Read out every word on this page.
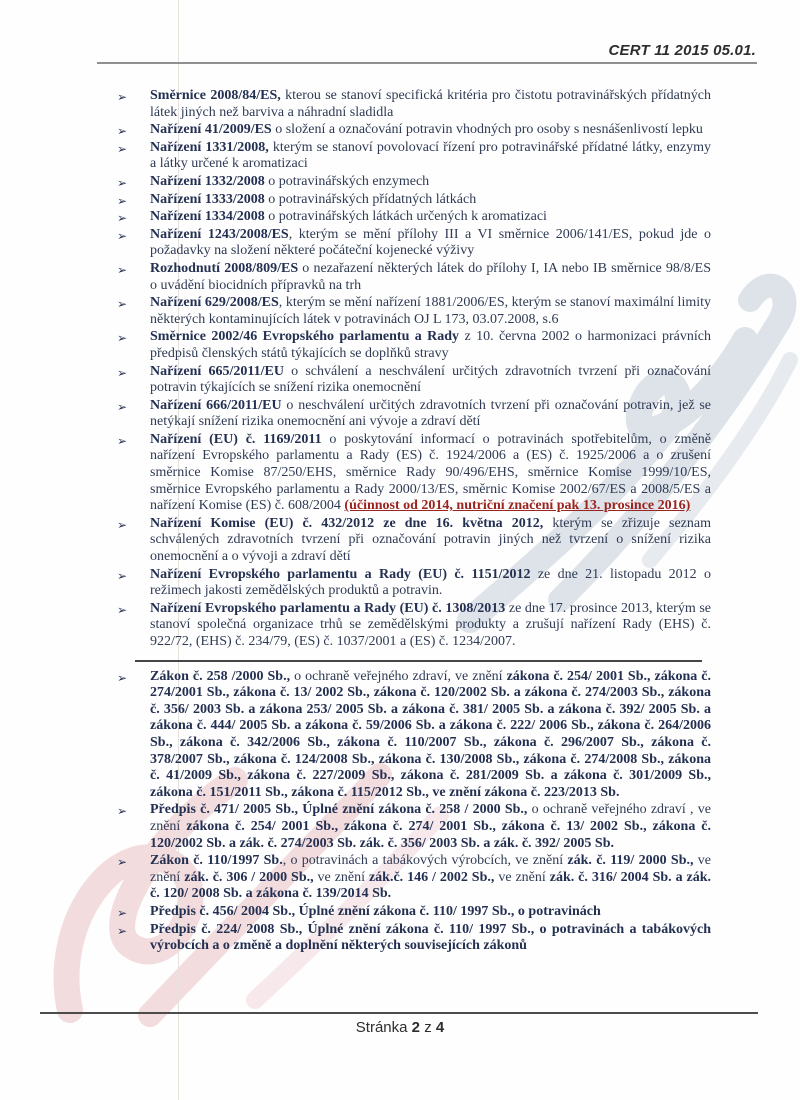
CERT 11 2015 05.01.
➢ Směrnice 2008/84/ES, kterou se stanoví specifická kritéria pro čistotu potravinářských přídatných látek jiných než barviva a náhradní sladidla
➢ Nařízení 41/2009/ES o složení a označování potravin vhodných pro osoby s nesnášenlivostí lepku
➢ Nařízení 1331/2008, kterým se stanoví povolovací řízení pro potravinářské přídatné látky, enzymy a látky určené k aromatizaci
➢ Nařízení 1332/2008 o potravinářských enzymech
➢ Nařízení 1333/2008 o potravinářských přídatných látkách
➢ Nařízení 1334/2008 o potravinářských látkách určených k aromatizaci
➢ Nařízení 1243/2008/ES, kterým se mění přílohy III a VI směrnice 2006/141/ES, pokud jde o požadavky na složení některé počáteční kojenecké výživy
➢ Rozhodnutí 2008/809/ES o nezařazení některých látek do přílohy I, IA nebo IB směrnice 98/8/ES o uvádění biocidních přípravků na trh
➢ Nařízení 629/2008/ES, kterým se mění nařízení 1881/2006/ES, kterým se stanoví maximální limity některých kontaminujících látek v potravinách OJ L 173, 03.07.2008, s.6
➢ Směrnice 2002/46 Evropského parlamentu a Rady z 10. června 2002 o harmonizaci právních předpisů členských států týkajících se doplňků stravy
➢ Nařízení 665/2011/EU o schválení a neschválení určitých zdravotních tvrzení při označování potravin týkajících se snížení rizika onemocnění
➢ Nařízení 666/2011/EU o neschválení určitých zdravotních tvrzení při označování potravin, jež se netýkají snížení rizika onemocnění ani vývoje a zdraví dětí
➢ Nařízení (EU) č. 1169/2011 o poskytování informací o potravinách spotřebitelům, o změně nařízení Evropského parlamentu a Rady (ES) č. 1924/2006 a (ES) č. 1925/2006 a o zrušení směrnice Komise 87/250/EHS, směrnice Rady 90/496/EHS, směrnice Komise 1999/10/ES, směrnice Evropského parlamentu a Rady 2000/13/ES, směrnic Komise 2002/67/ES a 2008/5/ES a nařízení Komise (ES) č. 608/2004 (účinnost od 2014, nutriční značení pak 13. prosince 2016)
➢ Nařízení Komise (EU) č. 432/2012 ze dne 16. května 2012, kterým se zřizuje seznam schválených zdravotních tvrzení při označování potravin jiných než tvrzení o snížení rizika onemocnění a o vývoji a zdraví dětí
➢ Nařízení Evropského parlamentu a Rady (EU) č. 1151/2012 ze dne 21. listopadu 2012 o režimech jakosti zemědělských produktů a potravin.
➢ Nařízení Evropského parlamentu a Rady (EU) č. 1308/2013 ze dne 17. prosince 2013, kterým se stanoví společná organizace trhů se zemědělskými produkty a zrušují nařízení Rady (EHS) č. 922/72, (EHS) č. 234/79, (ES) č. 1037/2001 a (ES) č. 1234/2007.
➢ Zákon č. 258 /2000 Sb., o ochraně veřejného zdraví, ve znění zákona č. 254/ 2001 Sb., zákona č. 274/2001 Sb., zákona č. 13/ 2002 Sb., zákona č. 120/2002 Sb. a zákona č. 274/2003 Sb., zákona č. 356/ 2003 Sb. a zákona 253/ 2005 Sb. a zákona č. 381/ 2005 Sb. a zákona č. 392/ 2005 Sb. a zákona č. 444/ 2005 Sb. a zákona č. 59/2006 Sb. a zákona č. 222/ 2006 Sb., zákona č. 264/2006 Sb., zákona č. 342/2006 Sb., zákona č. 110/2007 Sb., zákona č. 296/2007 Sb., zákona č. 378/2007 Sb., zákona č. 124/2008 Sb., zákona č. 130/2008 Sb., zákona č. 274/2008 Sb., zákona č. 41/2009 Sb., zákona č. 227/2009 Sb., zákona č. 281/2009 Sb. a zákona č. 301/2009 Sb., zákona č. 151/2011 Sb., zákona č. 115/2012 Sb., ve znění zákona č. 223/2013 Sb.
➢ Předpis č. 471/ 2005 Sb., Úplné znění zákona č. 258 / 2000 Sb., o ochraně veřejného zdraví , ve znění zákona č. 254/ 2001 Sb., zákona č. 274/ 2001 Sb., zákona č. 13/ 2002 Sb., zákona č. 120/2002 Sb. a zák. č. 274/2003 Sb. zák. č. 356/ 2003 Sb. a zák. č. 392/ 2005 Sb.
➢ Zákon č. 110/1997 Sb., o potravinách a tabákových výrobcích, ve znění zák. č. 119/ 2000 Sb., ve znění zák. č. 306 / 2000 Sb., ve znění zák.č. 146 / 2002 Sb., ve znění zák. č. 316/ 2004 Sb. a zák. č. 120/ 2008 Sb. a zákona č. 139/2014 Sb.
➢ Předpis č. 456/ 2004 Sb., Úplné znění zákona č. 110/ 1997 Sb., o potravinách
➢ Předpis č. 224/ 2008 Sb., Úplné znění zákona č. 110/ 1997 Sb., o potravinách a tabákových výrobcích a o změně a doplnění některých souvisejících zákonů
Stránka 2 z 4
